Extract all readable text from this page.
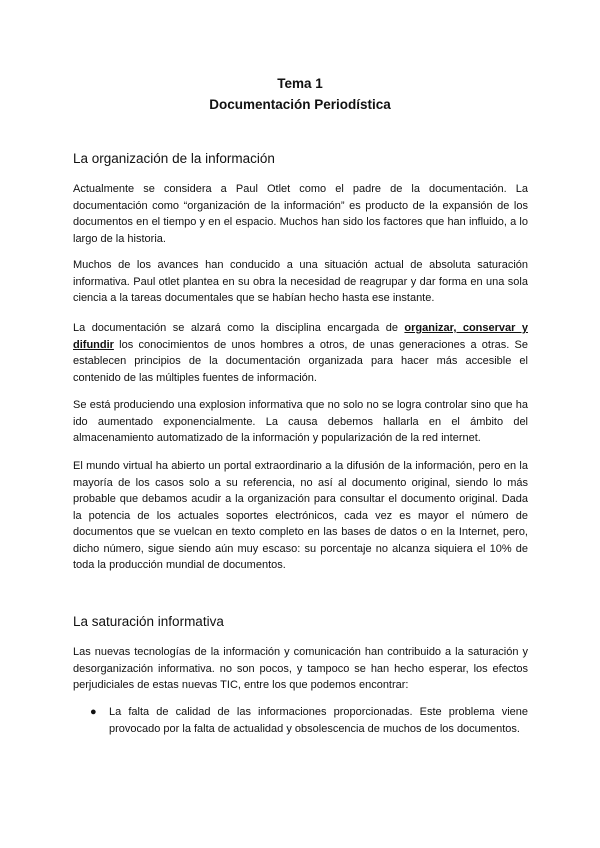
Tema 1
Documentación Periodística
La organización de la información

Actualmente se considera a Paul Otlet como el padre de la documentación. La documentación como “organización de la información” es producto de la expansión de los documentos en el tiempo y en el espacio. Muchos han sido los factores que han influido, a lo largo de la historia.

Muchos de los avances han conducido a una situación actual de absoluta saturación informativa. Paul otlet plantea en su obra la necesidad de reagrupar y dar forma en una sola ciencia a la tareas documentales que se habían hecho hasta ese instante.

La documentación se alzará como la disciplina encargada de organizar, conservar y difundir los conocimientos de unos hombres a otros, de unas generaciones a otras. Se establecen principios de la documentación organizada para hacer más accesible el contenido de las múltiples fuentes de información.

Se está produciendo una explosion informativa que no solo no se logra controlar sino que ha ido aumentado exponencialmente. La causa debemos hallarla en el ámbito del almacenamiento automatizado de la información y popularización de la red internet.

El mundo virtual ha abierto un portal extraordinario a la difusión de la información, pero en la mayoría de los casos solo a su referencia, no así al documento original, siendo lo más probable que debamos acudir a la organización para consultar el documento original. Dada la potencia de los actuales soportes electrónicos, cada vez es mayor el número de documentos que se vuelcan en texto completo en las bases de datos o en la Internet, pero, dicho número, sigue siendo aún muy escaso: su porcentaje no alcanza siquiera el 10% de toda la producción mundial de documentos.

La saturación informativa

Las nuevas tecnologías de la información y comunicación han contribuido a la saturación y desorganización informativa. no son pocos, y tampoco se han hecho esperar, los efectos perjudiciales de estas nuevas TIC, entre los que podemos encontrar:

● La falta de calidad de las informaciones proporcionadas. Este problema viene provocado por la falta de actualidad y obsolescencia de muchos de los documentos.
